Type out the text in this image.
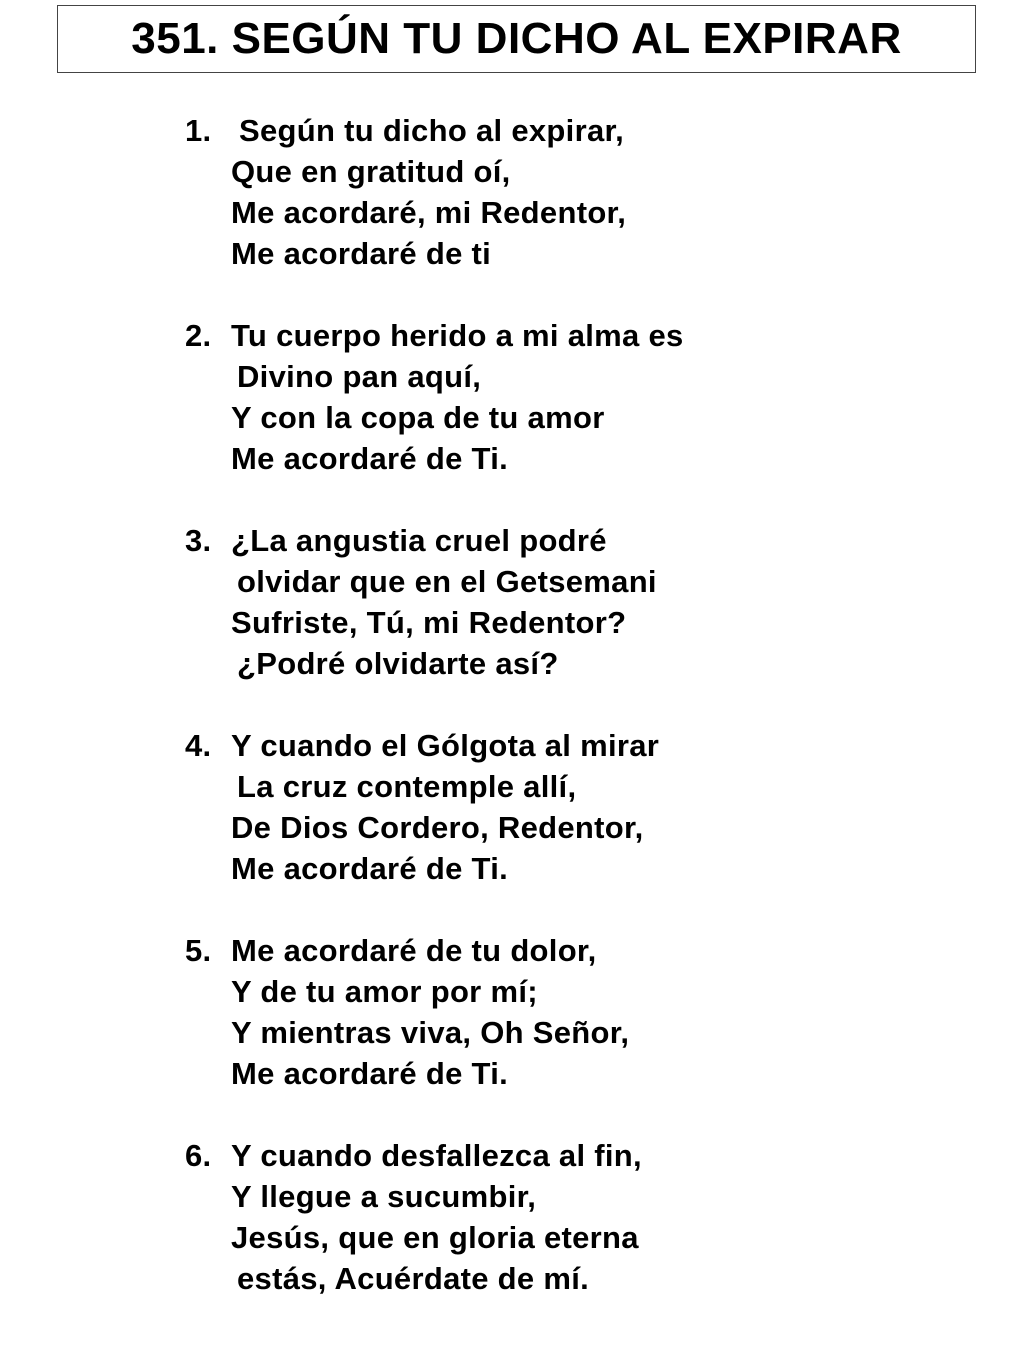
351. SEGÚN TU DICHO AL EXPIRAR
1. Según tu dicho al expirar,
Que en gratitud oí,
Me acordaré, mi Redentor,
Me acordaré de ti
2. Tu cuerpo herido a mi alma es
Divino pan aquí,
Y con la copa de tu amor
Me acordaré de Ti.
3. ¿La angustia cruel podré
olvidar que en el Getsemani
Sufriste, Tú, mi Redentor?
¿Podré olvidarte así?
4. Y cuando el Gólgota al mirar
La cruz contemple allí,
De Dios Cordero, Redentor,
Me acordaré de Ti.
5. Me acordaré de tu dolor,
Y de tu amor por mí;
Y mientras viva, Oh Señor,
Me acordaré de Ti.
6. Y cuando desfallezca al fin,
Y llegue a sucumbir,
Jesús, que en gloria eterna
estás, Acuérdate de mí.
